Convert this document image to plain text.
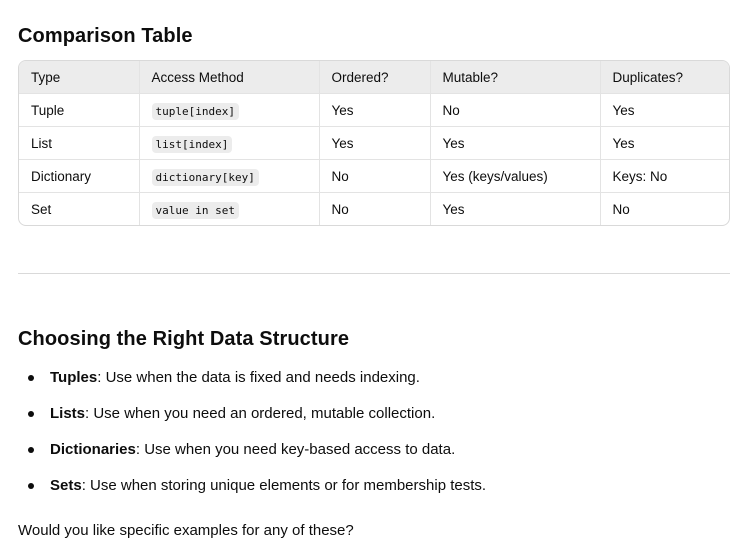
Comparison Table
Type	Access Method	Ordered?	Mutable?	Duplicates?
Tuple	tuple[index]	Yes	No	Yes
List	list[index]	Yes	Yes	Yes
Dictionary	dictionary[key]	No	Yes (keys/values)	Keys: No
Set	value in set	No	Yes	No
Choosing the Right Data Structure
Tuples: Use when the data is fixed and needs indexing.
Lists: Use when you need an ordered, mutable collection.
Dictionaries: Use when you need key-based access to data.
Sets: Use when storing unique elements or for membership tests.

Would you like specific examples for any of these?
